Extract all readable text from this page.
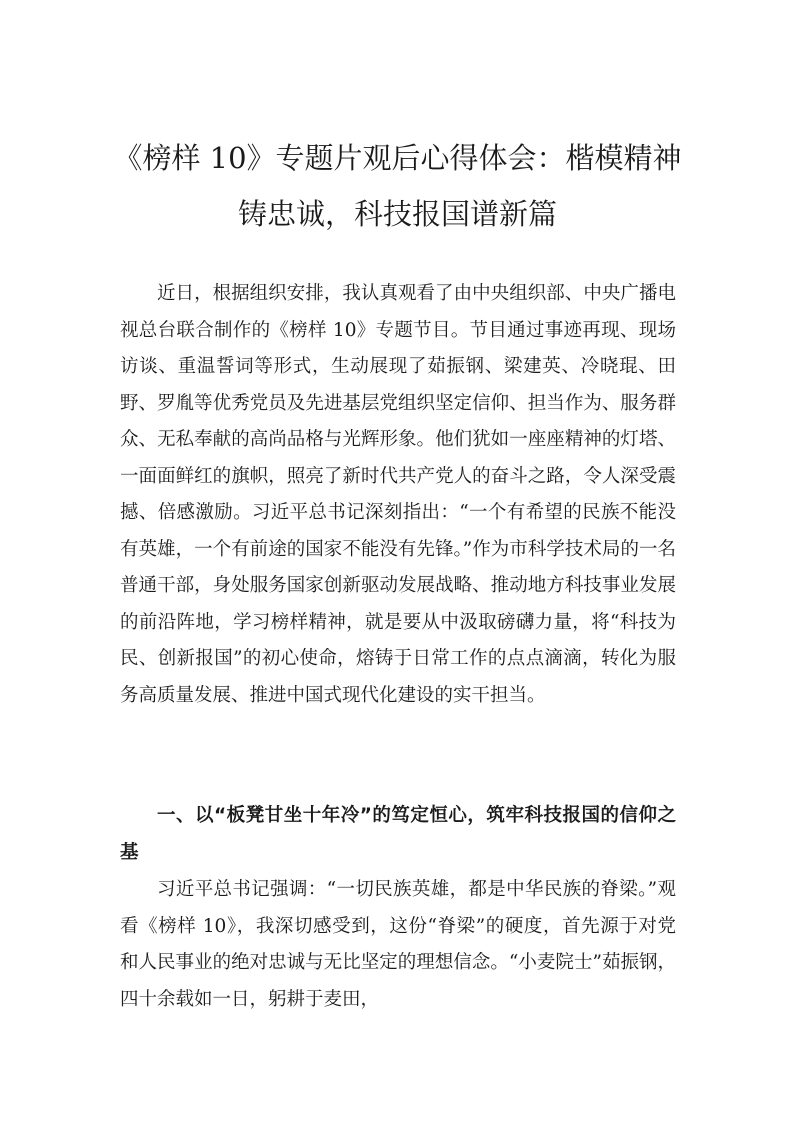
《榜样 10》专题片观后心得体会：楷模精神铸忠诚，科技报国谱新篇

近日，根据组织安排，我认真观看了由中央组织部、中央广播电视总台联合制作的《榜样 10》专题节目。节目通过事迹再现、现场访谈、重温誓词等形式，生动展现了茹振钢、梁建英、冷晓琨、田野、罗胤等优秀党员及先进基层党组织坚定信仰、担当作为、服务群众、无私奉献的高尚品格与光辉形象。他们犹如一座座精神的灯塔、一面面鲜红的旗帜，照亮了新时代共产党人的奋斗之路，令人深受震撼、倍感激励。习近平总书记深刻指出：“一个有希望的民族不能没有英雄，一个有前途的国家不能没有先锋。”作为市科学技术局的一名普通干部，身处服务国家创新驱动发展战略、推动地方科技事业发展的前沿阵地，学习榜样精神，就是要从中汲取磅礴力量，将“科技为民、创新报国”的初心使命，熔铸于日常工作的点点滴滴，转化为服务高质量发展、推进中国式现代化建设的实干担当。

一、以“板凳甘坐十年冷”的笃定恒心，筑牢科技报国的信仰之基

习近平总书记强调：“一切民族英雄，都是中华民族的脊梁。”观看《榜样 10》，我深切感受到，这份“脊梁”的硬度，首先源于对党和人民事业的绝对忠诚与无比坚定的理想信念。“小麦院士”茹振钢，四十余载如一日，躬耕于麦田，
